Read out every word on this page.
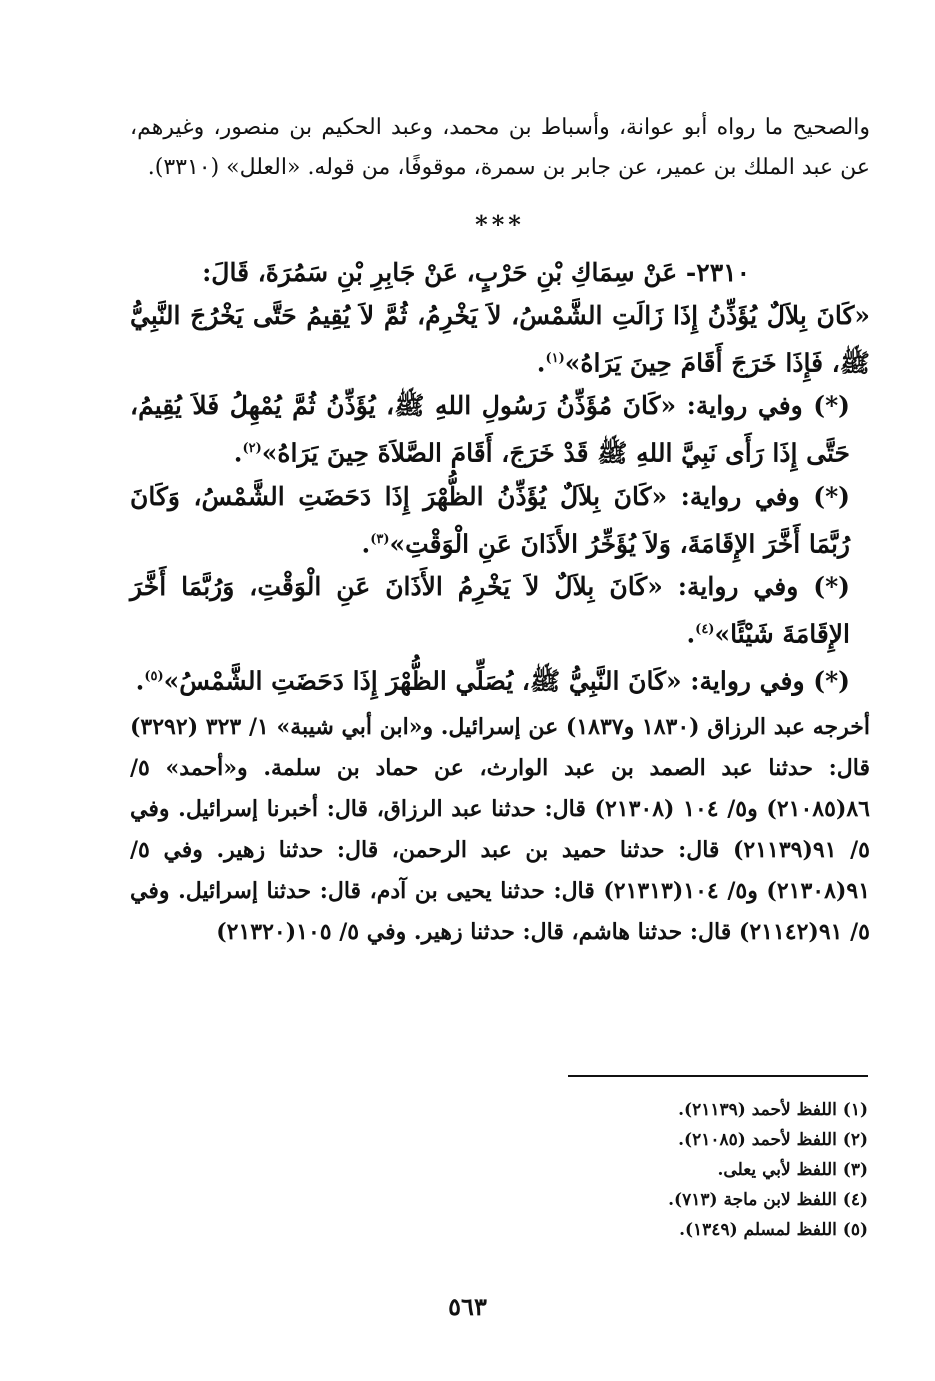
والصحيح ما رواه أبو عوانة، وأسباط بن محمد، وعبد الحكيم بن منصور، وغيرهم، عن عبد الملك بن عمير، عن جابر بن سمرة، موقوفًا، من قوله. «العلل» (٣٣١٠).

***

٢٣١٠- عَنْ سِمَاكِ بْنِ حَرْبٍ، عَنْ جَابِرِ بْنِ سَمُرَةَ، قَالَ:

«كَانَ بِلاَلٌ يُؤَذِّنُ إِذَا زَالَتِ الشَّمْسُ، لاَ يَخْرِمُ، ثُمَّ لاَ يُقِيمُ حَتَّى يَخْرُجَ النَّبِيُّ ﷺ، فَإِذَا خَرَجَ أَقَامَ حِينَ يَرَاهُ»$^{(١)}$.

(*) وفي رواية: «كَانَ مُؤَذِّنُ رَسُولِ اللهِ ﷺ، يُؤَذِّنُ ثُمَّ يُمْهِلُ فَلاَ يُقِيمُ، حَتَّى إِذَا رَأَى نَبِيَّ اللهِ ﷺ قَدْ خَرَجَ، أَقَامَ الصَّلاَةَ حِينَ يَرَاهُ»$^{(٢)}$.

(*) وفي رواية: «كَانَ بِلاَلٌ يُؤَذِّنُ الظُّهْرَ إِذَا دَحَضَتِ الشَّمْسُ، وَكَانَ رُبَّمَا أَخَّرَ الإِقَامَةَ، وَلاَ يُؤَخِّرُ الأَذَانَ عَنِ الْوَقْتِ»$^{(٣)}$.

(*) وفي رواية: «كَانَ بِلاَلٌ لاَ يَخْرِمُ الأَذَانَ عَنِ الْوَقْتِ، وَرُبَّمَا أَخَّرَ الإِقَامَةَ شَيْئًا»$^{(٤)}$.

(*) وفي رواية: «كَانَ النَّبِيُّ ﷺ، يُصَلِّي الظُّهْرَ إِذَا دَحَضَتِ الشَّمْسُ»$^{(٥)}$.

أخرجه عبد الرزاق (١٨٣٠ و١٨٣٧) عن إسرائيل. و«ابن أبي شيبة» ١/ ٣٢٣ (٣٢٩٢) قال: حدثنا عبد الصمد بن عبد الوارث، عن حماد بن سلمة. و«أحمد» ٥/ ٨٦(٢١٠٨٥) و٥/ ١٠٤ (٢١٣٠٨) قال: حدثنا عبد الرزاق، قال: أخبرنا إسرائيل. وفي ٥/ ٩١(٢١١٣٩) قال: حدثنا حميد بن عبد الرحمن، قال: حدثنا زهير. وفي ٥/ ٩١(٢١٣٠٨) و٥/ ١٠٤(٢١٣١٣) قال: حدثنا يحيى بن آدم، قال: حدثنا إسرائيل. وفي ٥/ ٩١(٢١١٤٢) قال: حدثنا هاشم، قال: حدثنا زهير. وفي ٥/ ١٠٥(٢١٣٢٠)

(١) اللفظ لأحمد (٢١١٣٩).

(٢) اللفظ لأحمد (٢١٠٨٥).

(٣) اللفظ لأبي يعلى.

(٤) اللفظ لابن ماجة (٧١٣).

(٥) اللفظ لمسلم (١٣٤٩).

٥٦٣
